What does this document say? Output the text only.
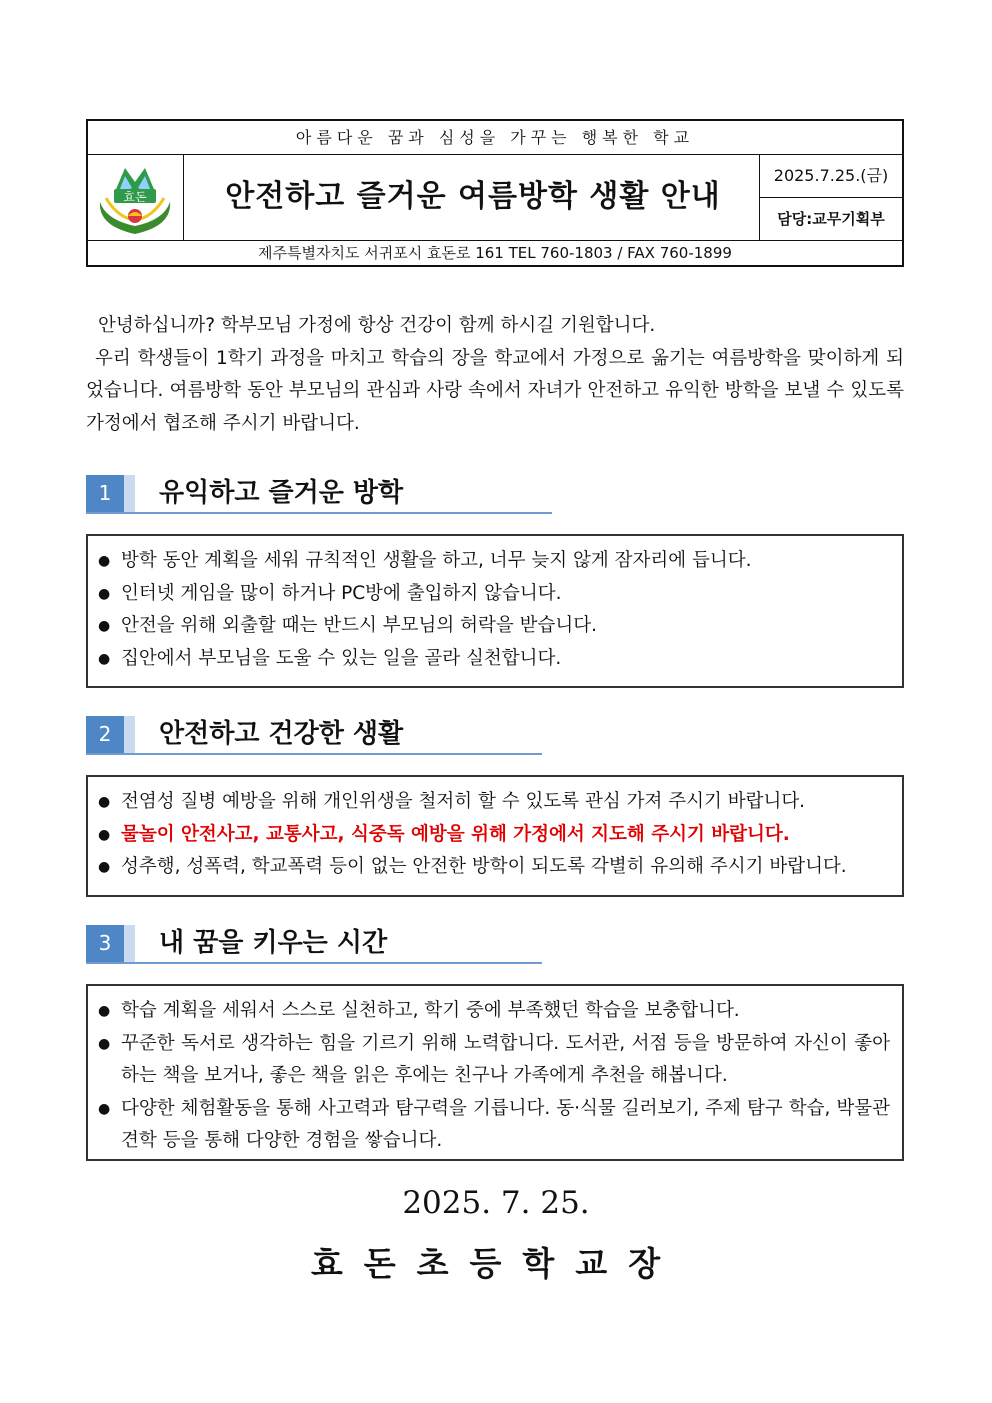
아름다운 꿈과 심성을 가꾸는 행복한 학교
효돈	안전하고 즐거운 여름방학 생활 안내
2025.7.25.(금)
담당:교무기획부
제주특별자치도 서귀포시 효돈로 161 TEL 760-1803 / FAX 760-1899

안녕하십니까? 학부모님 가정에 항상 건강이 함께 하시길 기원합니다.

우리 학생들이 1학기 과정을 마치고 학습의 장을 학교에서 가정으로 옮기는 여름방학을 맞이하게 되었습니다. 여름방학 동안 부모님의 관심과 사랑 속에서 자녀가 안전하고 유익한 방학을 보낼 수 있도록 가정에서 협조해 주시기 바랍니다.

1	유익하고 즐거운 방학
● 방학 동안 계획을 세워 규칙적인 생활을 하고, 너무 늦지 않게 잠자리에 듭니다.
● 인터넷 게임을 많이 하거나 PC방에 출입하지 않습니다.
● 안전을 위해 외출할 때는 반드시 부모님의 허락을 받습니다.
● 집안에서 부모님을 도울 수 있는 일을 골라 실천합니다.
2	안전하고 건강한 생활
● 전염성 질병 예방을 위해 개인위생을 철저히 할 수 있도록 관심 가져 주시기 바랍니다.
● 물놀이 안전사고, 교통사고, 식중독 예방을 위해 가정에서 지도해 주시기 바랍니다.
● 성추행, 성폭력, 학교폭력 등이 없는 안전한 방학이 되도록 각별히 유의해 주시기 바랍니다.
3	내 꿈을 키우는 시간
● 학습 계획을 세워서 스스로 실천하고, 학기 중에 부족했던 학습을 보충합니다.
● 꾸준한 독서로 생각하는 힘을 기르기 위해 노력합니다. 도서관, 서점 등을 방문하여 자신이 좋아하는 책을 보거나, 좋은 책을 읽은 후에는 친구나 가족에게 추천을 해봅니다.
● 다양한 체험활동을 통해 사고력과 탐구력을 기릅니다. 동·식물 길러보기, 주제 탐구 학습, 박물관 견학 등을 통해 다양한 경험을 쌓습니다.
2025. 7. 25.
효돈초등학교장
